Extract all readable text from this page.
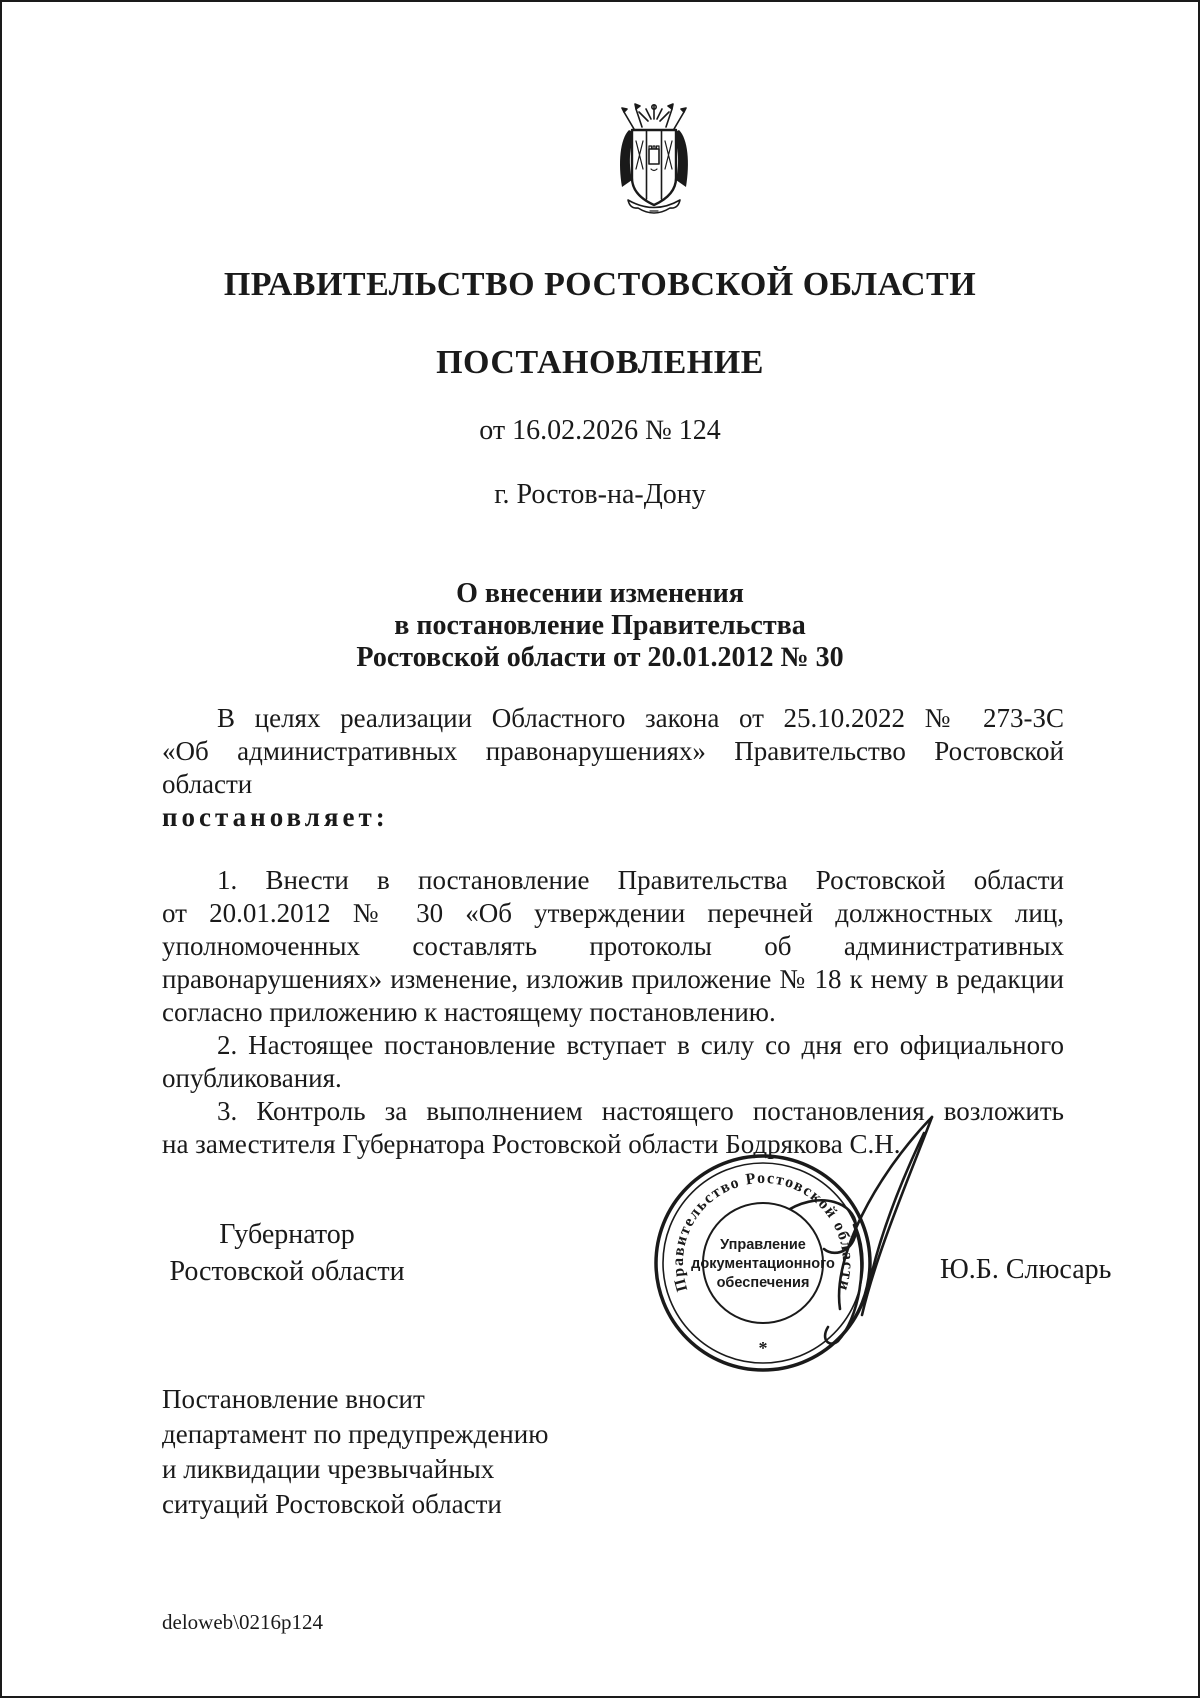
ПРАВИТЕЛЬСТВО РОСТОВСКОЙ ОБЛАСТИ
ПОСТАНОВЛЕНИЕ
от 16.02.2026 № 124
г. Ростов-на-Дону
О внесении изменения
в постановление Правительства
Ростовской области от 20.01.2012 № 30
В целях реализации Областного закона от 25.10.2022 № 273-ЗС
«Об административных правонарушениях» Правительство Ростовской области
постановляет:
1. Внести в постановление Правительства Ростовской области
от 20.01.2012 № 30 «Об утверждении перечней должностных лиц,
уполномоченных составлять протоколы об административных
правонарушениях» изменение, изложив приложение № 18 к нему в редакции
согласно приложению к настоящему постановлению.
2. Настоящее постановление вступает в силу со дня его официального
опубликования.
3. Контроль за выполнением настоящего постановления возложить
на заместителя Губернатора Ростовской области Бодрякова С.Н.
Губернатор
Ростовской области	Правительство Ростовской области
Управление
документационного
обеспечения
*
Ю.Б. Слюсарь
Постановление вносит
департамент по предупреждению
и ликвидации чрезвычайных
ситуаций Ростовской области
deloweb\0216p124
